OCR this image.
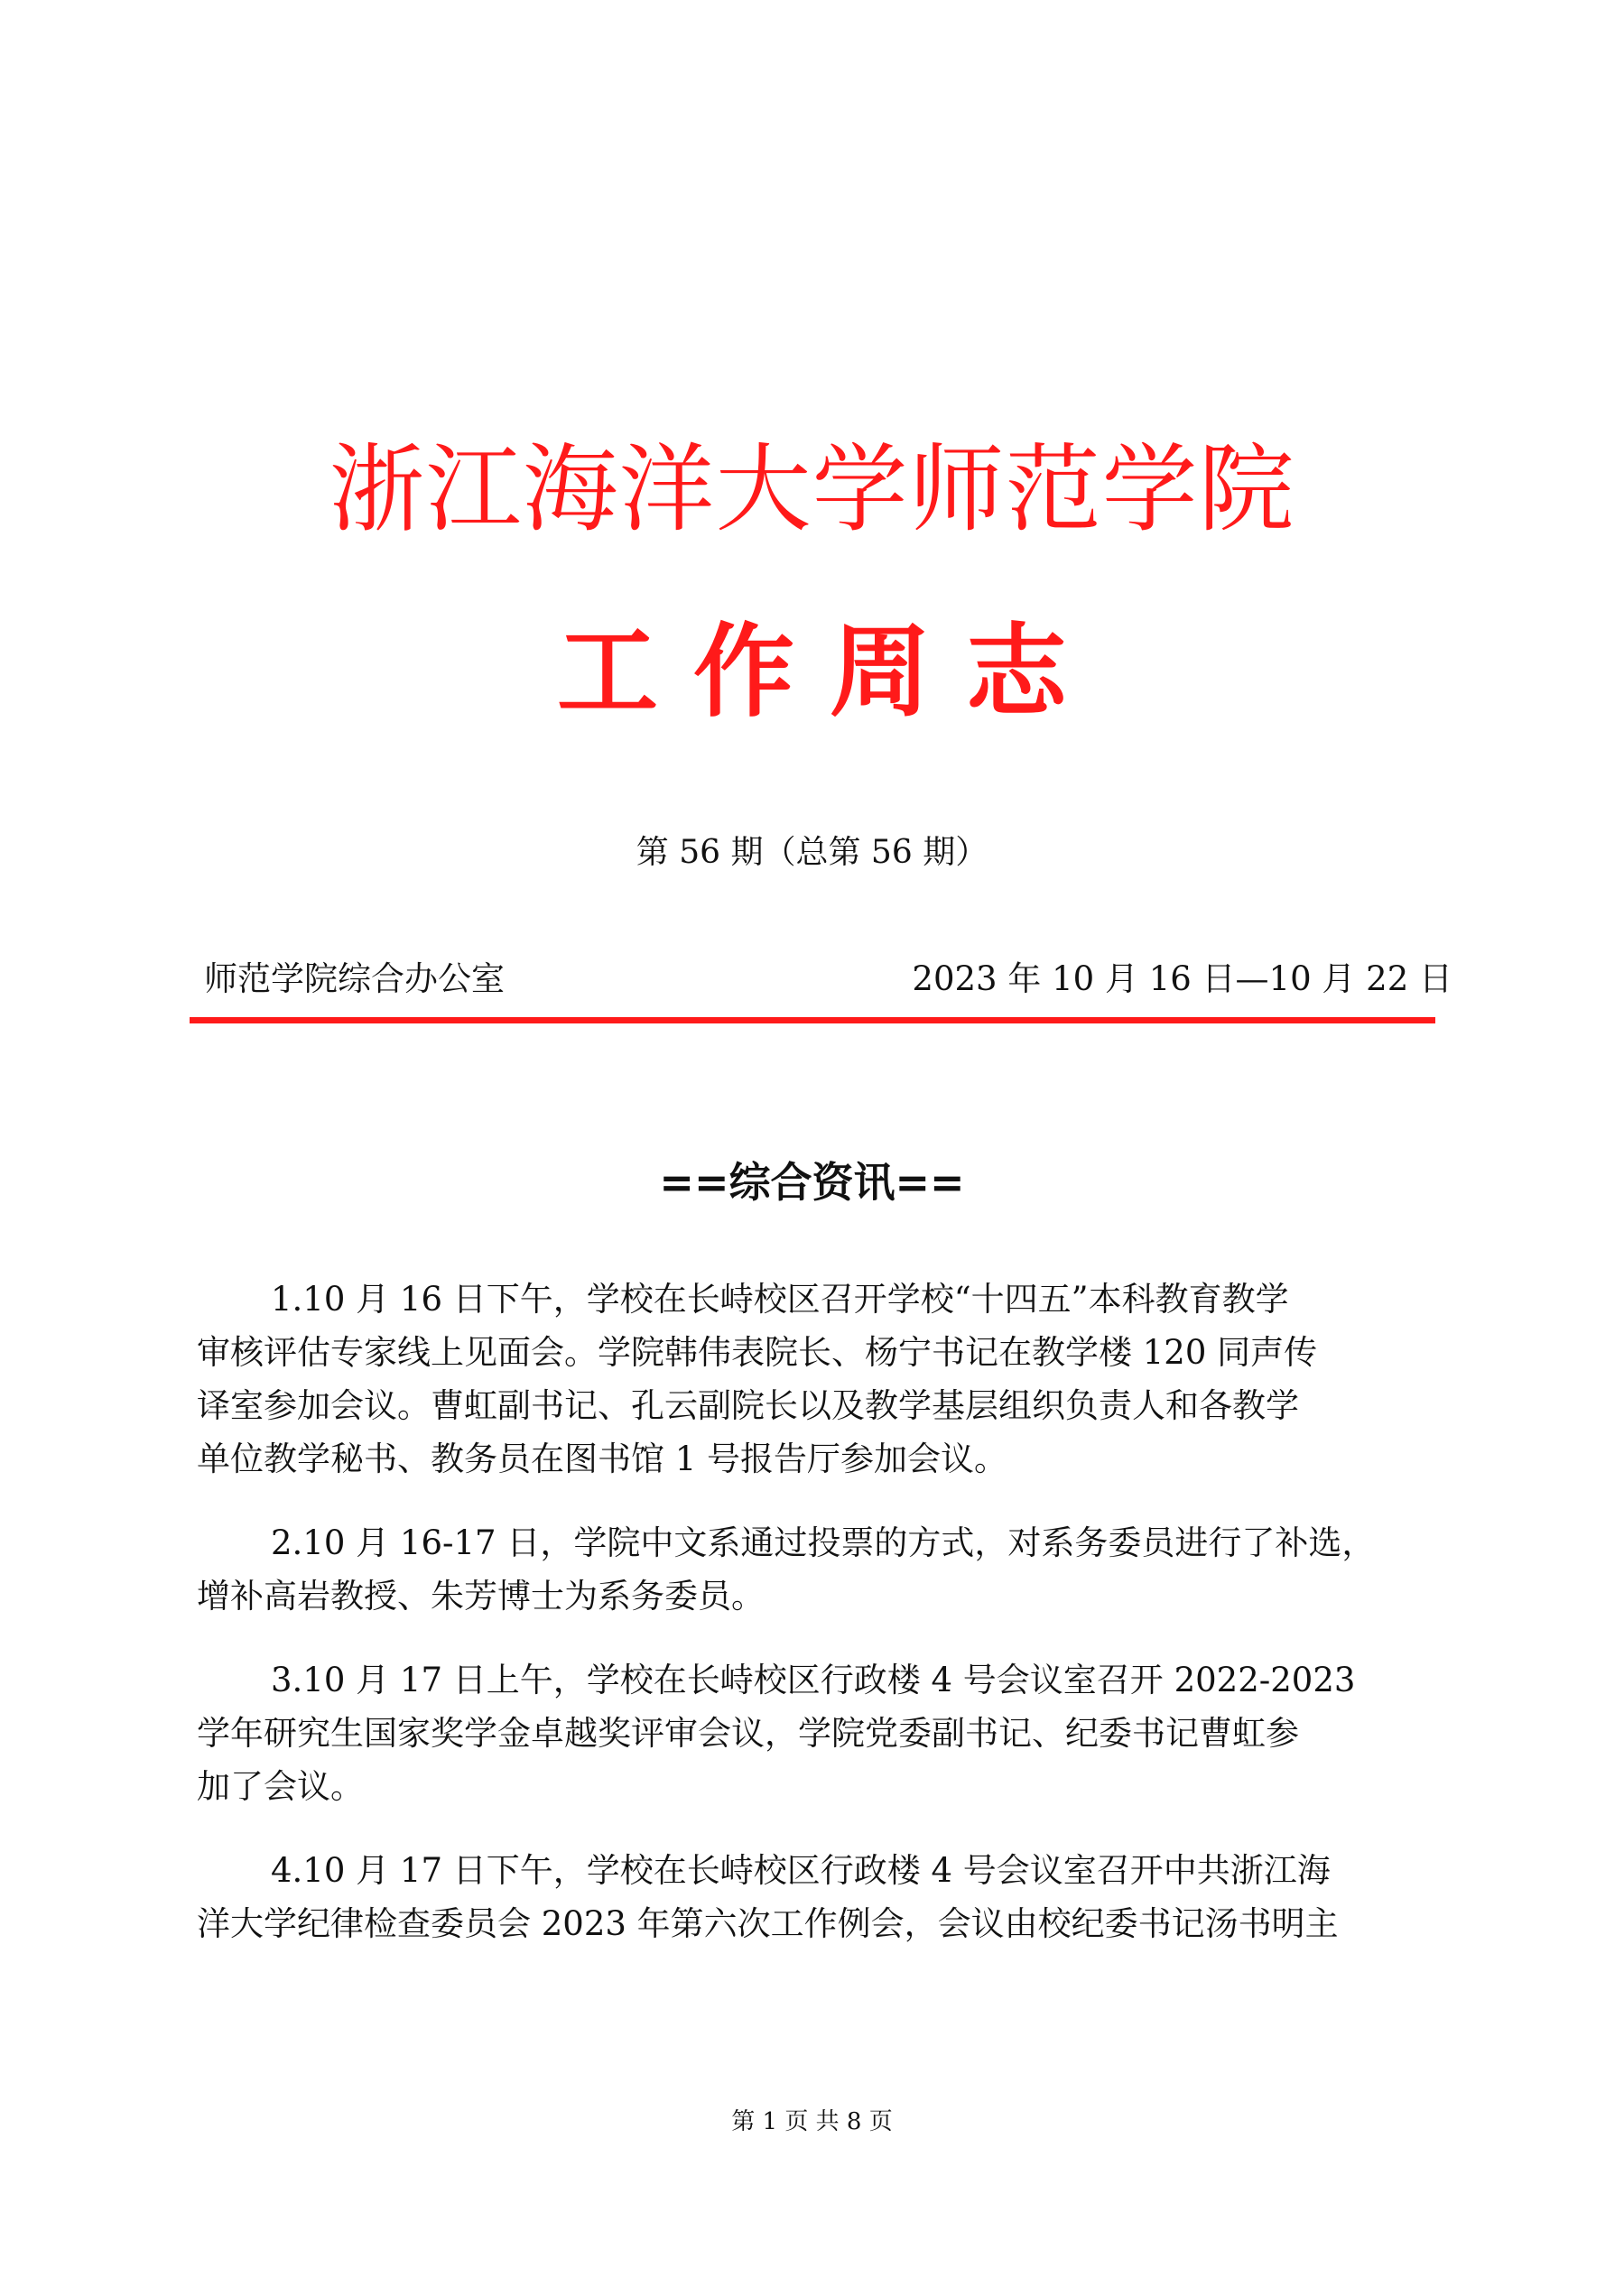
浙江海洋大学师范学院
工 作 周 志
第 56 期（总第 56 期）
师范学院综合办公室	2023 年 10 月 16 日—10 月 22 日
==综合资讯==

1.10 月 16 日下午，学校在长峙校区召开学校“十四五”本科教育教学
审核评估专家线上见面会。学院韩伟表院长、杨宁书记在教学楼 120 同声传
译室参加会议。曹虹副书记、孔云副院长以及教学基层组织负责人和各教学
单位教学秘书、教务员在图书馆 1 号报告厅参加会议。

2.10 月 16-17 日，学院中文系通过投票的方式，对系务委员进行了补选，
增补高岩教授、朱芳博士为系务委员。

3.10 月 17 日上午，学校在长峙校区行政楼 4 号会议室召开 2022-2023
学年研究生国家奖学金卓越奖评审会议，学院党委副书记、纪委书记曹虹参
加了会议。

4.10 月 17 日下午，学校在长峙校区行政楼 4 号会议室召开中共浙江海
洋大学纪律检查委员会 2023 年第六次工作例会，会议由校纪委书记汤书明主

第 1 页 共 8 页
